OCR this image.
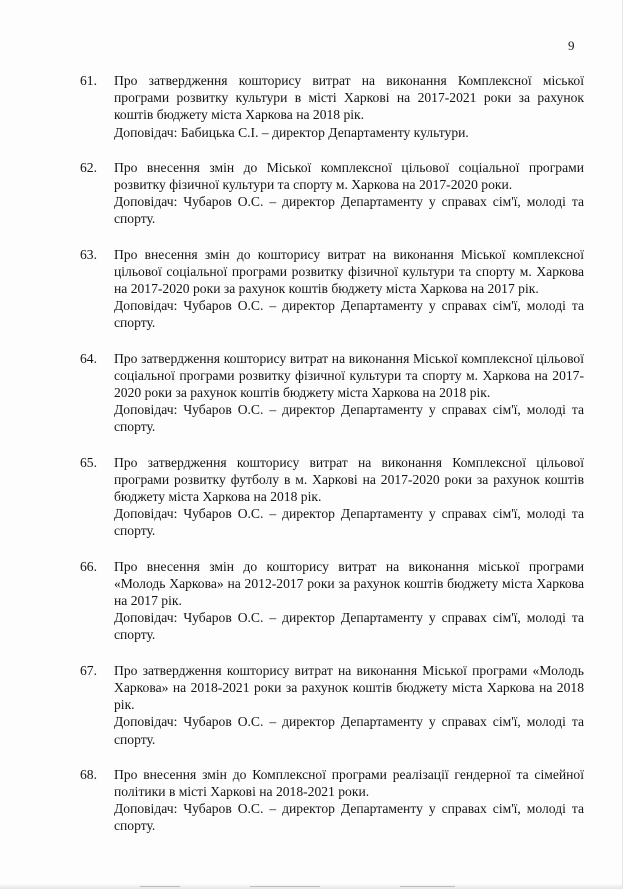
9
61.	Про затвердження кошторису витрат на виконання Комплексної міської програми розвитку культури в місті Харкові на 2017-2021 роки за рахунок коштів бюджету міста Харкова на 2018 рік.

Доповідач: Бабицька С.І. – директор Департаменту культури.

62.	Про внесення змін до Міської комплексної цільової соціальної програми розвитку фізичної культури та спорту м. Харкова на 2017-2020 роки.

Доповідач: Чубаров О.С. – директор Департаменту у справах сім'ї, молоді та спорту.

63.	Про внесення змін до кошторису витрат на виконання Міської комплексної цільової соціальної програми розвитку фізичної культури та спорту м. Харкова на 2017-2020 роки за рахунок коштів бюджету міста Харкова на 2017 рік.

Доповідач: Чубаров О.С. – директор Департаменту у справах сім'ї, молоді та спорту.

64.	Про затвердження кошторису витрат на виконання Міської комплексної цільової соціальної програми розвитку фізичної культури та спорту м. Харкова на 2017-2020 роки за рахунок коштів бюджету міста Харкова на 2018 рік.

Доповідач: Чубаров О.С. – директор Департаменту у справах сім'ї, молоді та спорту.

65.	Про затвердження кошторису витрат на виконання Комплексної цільової програми розвитку футболу в м. Харкові на 2017-2020 роки за рахунок коштів бюджету міста Харкова на 2018 рік.

Доповідач: Чубаров О.С. – директор Департаменту у справах сім'ї, молоді та спорту.

66.	Про внесення змін до кошторису витрат на виконання міської програми «Молодь Харкова» на 2012-2017 роки за рахунок коштів бюджету міста Харкова на 2017 рік.

Доповідач: Чубаров О.С. – директор Департаменту у справах сім'ї, молоді та спорту.

67.	Про затвердження кошторису витрат на виконання Міської програми «Молодь Харкова» на 2018-2021 роки за рахунок коштів бюджету міста Харкова на 2018 рік.

Доповідач: Чубаров О.С. – директор Департаменту у справах сім'ї, молоді та спорту.

68.	Про внесення змін до Комплексної програми реалізації гендерної та сімейної політики в місті Харкові на 2018-2021 роки.

Доповідач: Чубаров О.С. – директор Департаменту у справах сім'ї, молоді та спорту.
